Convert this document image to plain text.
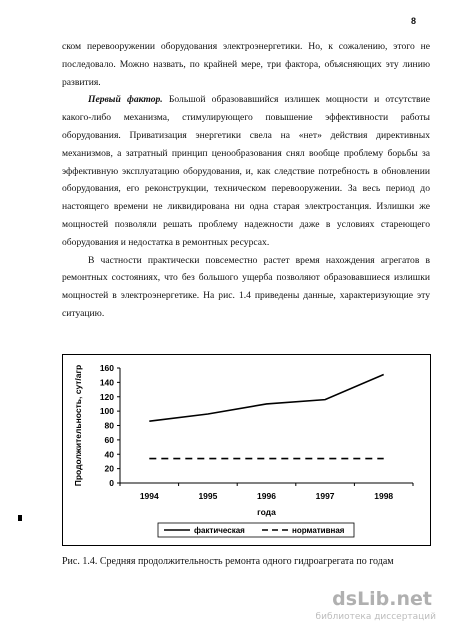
8

ском перевооружении оборудования электроэнергетики. Но, к сожалению, этого не последовало. Можно назвать, по крайней мере, три фактора, объясняющих эту линию развития.

Первый фактор. Большой образовавшийся излишек мощности и отсутствие какого-либо механизма, стимулирующего повышение эффективности работы оборудования. Приватизация энергетики свела на «нет» действия директивных механизмов, а затратный принцип ценообразования снял вообще проблему борьбы за эффективную эксплуатацию оборудования, и, как следствие потребность в обновлении оборудования, его реконструкции, техническом перевооружении. За весь период до настоящего времени не ликвидирована ни одна старая электростанция. Излишки же мощностей позволяли решать проблему надежности даже в условиях стареющего оборудования и недостатка в ремонтных ресурсах.

В частности практически повсеместно растет время нахождения агрегатов в ремонтных состояниях, что без большого ущерба позволяют образовавшиеся излишки мощностей в электроэнергетике. На рис. 1.4 приведены данные, характеризующие эту ситуацию.

0
20
40
60
80
100
120
140
160
1994	1995	1996	1997	1998
года
Продолжительность, сут/агр
фактическая	нормативная
Рис. 1.4. Средняя продолжительность ремонта одного гидроагрегата по годам
dsLib.net
библиотека диссертаций
